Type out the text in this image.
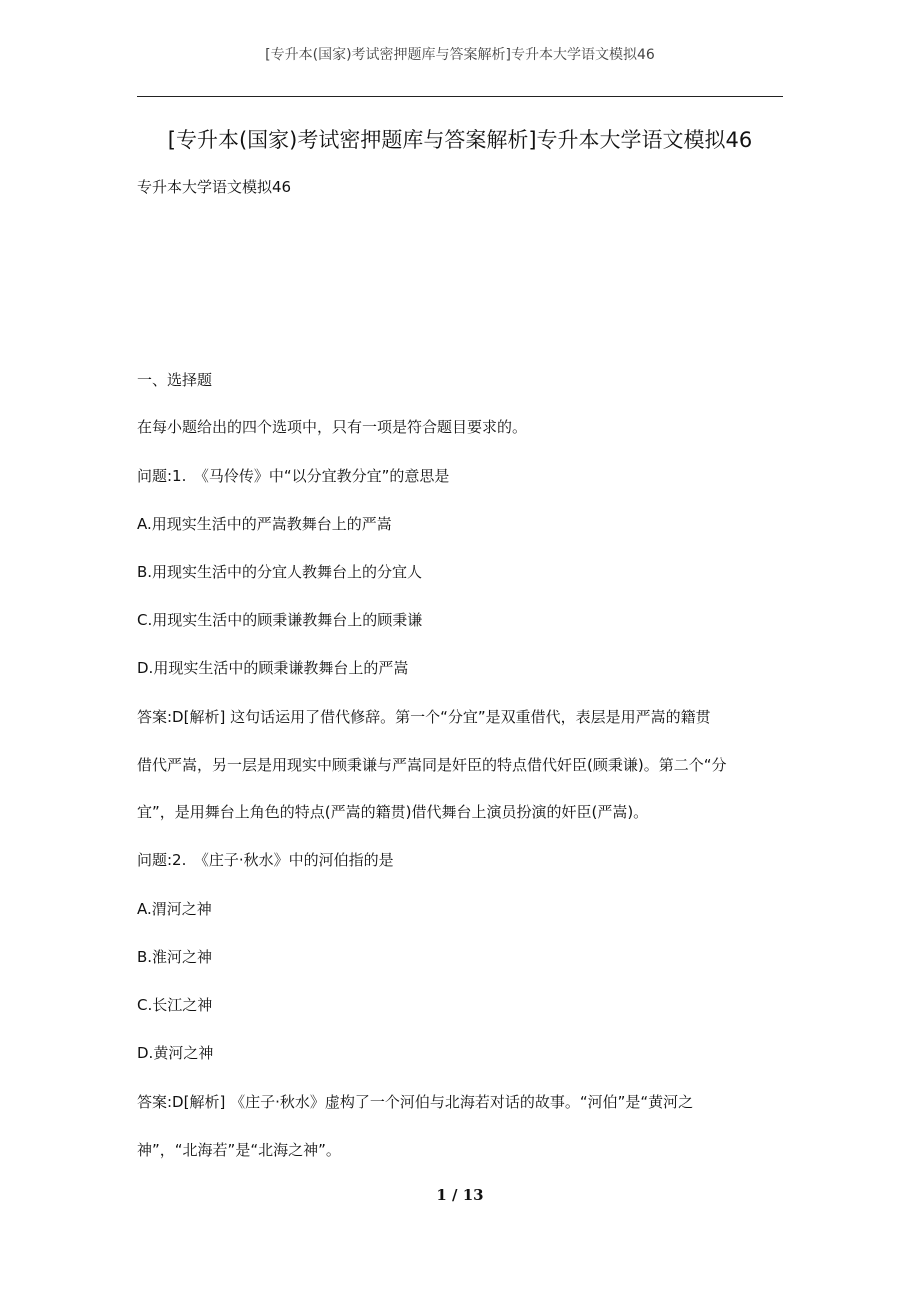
[专升本(国家)考试密押题库与答案解析]专升本大学语文模拟46
[专升本(国家)考试密押题库与答案解析]专升本大学语文模拟46
专升本大学语文模拟46
一、选择题
在每小题给出的四个选项中，只有一项是符合题目要求的。
问题:1.　《马伶传》中“以分宜教分宜”的意思是
A.用现实生活中的严嵩教舞台上的严嵩
B.用现实生活中的分宜人教舞台上的分宜人
C.用现实生活中的顾秉谦教舞台上的顾秉谦
D.用现实生活中的顾秉谦教舞台上的严嵩
答案:D[解析] 这句话运用了借代修辞。第一个“分宜”是双重借代，表层是用严嵩的籍贯
借代严嵩，另一层是用现实中顾秉谦与严嵩同是奸臣的特点借代奸臣(顾秉谦)。第二个“分
宜”，是用舞台上角色的特点(严嵩的籍贯)借代舞台上演员扮演的奸臣(严嵩)。
问题:2.　《庄子·秋水》中的河伯指的是
A.渭河之神
B.淮河之神
C.长江之神
D.黄河之神
答案:D[解析] 《庄子·秋水》虚构了一个河伯与北海若对话的故事。“河伯”是“黄河之
神”，“北海若”是“北海之神”。
1 / 13
